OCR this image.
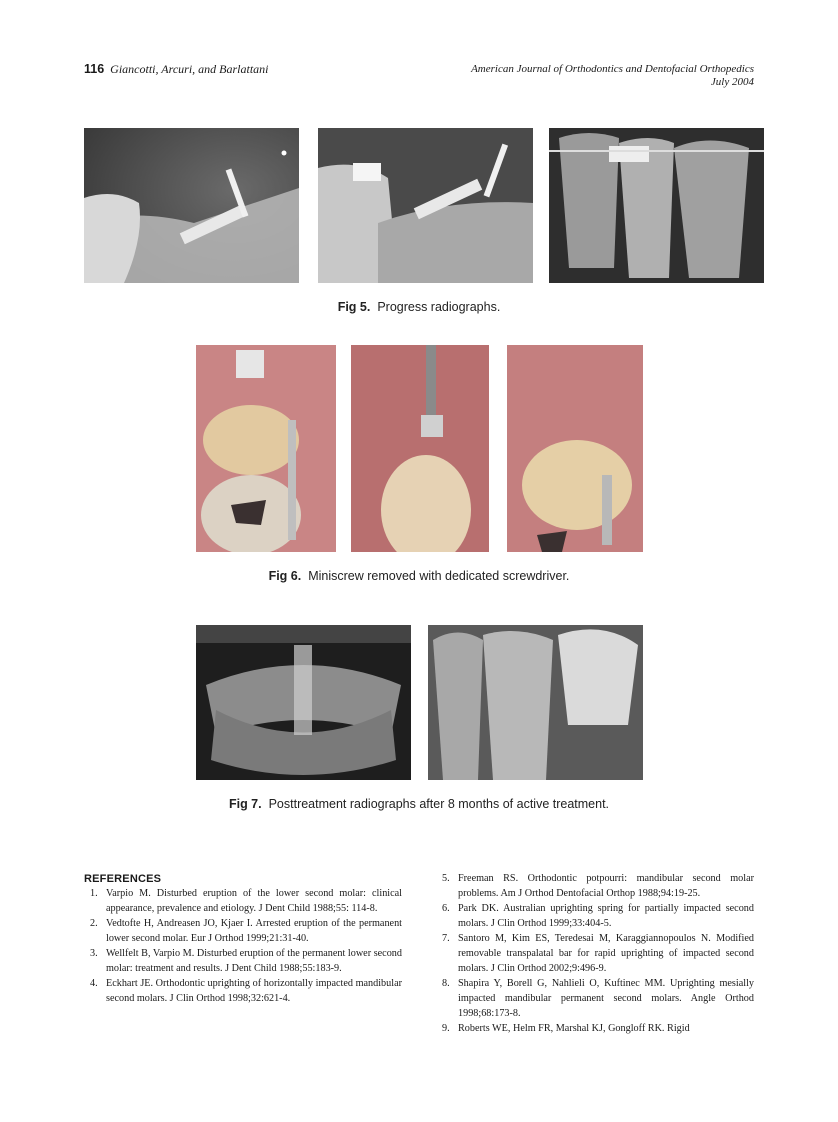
116 Giancotti, Arcuri, and Barlattani	American Journal of Orthodontics and Dentofacial Orthopedics
July 2004
Fig 5. Progress radiographs.
Fig 6. Miniscrew removed with dedicated screwdriver.
Fig 7. Posttreatment radiographs after 8 months of active treatment.
REFERENCES
1. Varpio M. Disturbed eruption of the lower second molar: clinical appearance, prevalence and etiology. J Dent Child 1988;55: 114-8.
2. Vedtofte H, Andreasen JO, Kjaer I. Arrested eruption of the permanent lower second molar. Eur J Orthod 1999;21:31-40.
3. Wellfelt B, Varpio M. Disturbed eruption of the permanent lower second molar: treatment and results. J Dent Child 1988;55:183-9.
4. Eckhart JE. Orthodontic uprighting of horizontally impacted mandibular second molars. J Clin Orthod 1998;32:621-4.
5. Freeman RS. Orthodontic potpourri: mandibular second molar problems. Am J Orthod Dentofacial Orthop 1988;94:19-25.
6. Park DK. Australian uprighting spring for partially impacted second molars. J Clin Orthod 1999;33:404-5.
7. Santoro M, Kim ES, Teredesai M, Karaggiannopoulos N. Modified removable transpalatal bar for rapid uprighting of impacted second molars. J Clin Orthod 2002;9:496-9.
8. Shapira Y, Borell G, Nahlieli O, Kuftinec MM. Uprighting mesially impacted mandibular permanent second molars. Angle Orthod 1998;68:173-8.
9. Roberts WE, Helm FR, Marshal KJ, Gongloff RK. Rigid
